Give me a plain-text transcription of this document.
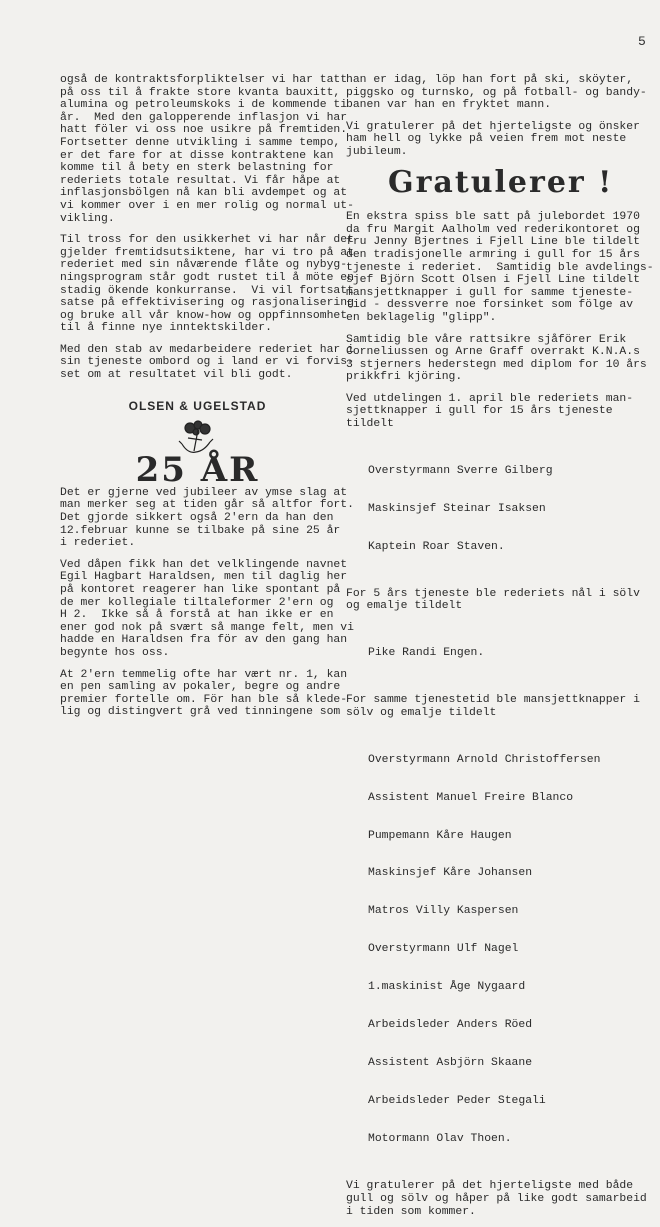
5

også de kontraktsforpliktelser vi har tatt
på oss til å frakte store kvanta bauxitt,
alumina og petroleumskoks i de kommende ti
år.  Med den galopperende inflasjon vi har
hatt föler vi oss noe usikre på fremtiden.
Fortsetter denne utvikling i samme tempo,
er det fare for at disse kontraktene kan
komme til å bety en sterk belastning for
rederiets totale resultat. Vi får håpe at
inflasjonsbölgen nå kan bli avdempet og at
vi kommer over i en mer rolig og normal ut-
vikling.

Til tross for den usikkerhet vi har når det
gjelder fremtidsutsiktene, har vi tro på at
rederiet med sin nåværende flåte og nybyg-
ningsprogram står godt rustet til å möte en
stadig ökende konkurranse.  Vi vil fortsatt
satse på effektivisering og rasjonalisering
og bruke all vår know-how og oppfinnsomhet
til å finne nye inntektskilder.

Med den stab av medarbeidere rederiet har i
sin tjeneste ombord og i land er vi forvis-
set om at resultatet vil bli godt.

OLSEN & UGELSTAD
25 ÅR

Det er gjerne ved jubileer av ymse slag at
man merker seg at tiden går så altfor fort.
Det gjorde sikkert også 2'ern da han den
12.februar kunne se tilbake på sine 25 år
i rederiet.

Ved dåpen fikk han det velklingende navnet
Egil Hagbart Haraldsen, men til daglig her
på kontoret reagerer han like spontant på
de mer kollegiale tiltaleformer 2'ern og
H 2.  Ikke så å forstå at han ikke er en
ener god nok på svært så mange felt, men vi
hadde en Haraldsen fra för av den gang han
begynte hos oss.

At 2'ern temmelig ofte har vært nr. 1, kan
en pen samling av pokaler, begre og andre
premier fortelle om. För han ble så klede-
lig og distingvert grå ved tinningene som

han er idag, löp han fort på ski, sköyter,
piggsko og turnsko, og på fotball- og bandy-
banen var han en fryktet mann.

Vi gratulerer på det hjerteligste og önsker
ham hell og lykke på veien frem mot neste
jubileum.

Gratulerer !

En ekstra spiss ble satt på julebordet 1970
da fru Margit Aalholm ved rederikontoret og
fru Jenny Bjertnes i Fjell Line ble tildelt
den tradisjonelle armring i gull for 15 års
tjeneste i rederiet.  Samtidig ble avdelings-
sjef Björn Scott Olsen i Fjell Line tildelt
mansjettknapper i gull for samme tjeneste-
tid - dessverre noe forsinket som fölge av
en beklagelig "glipp".

Samtidig ble våre rattsikre sjåförer Erik
Corneliussen og Arne Graff overrakt K.N.A.s
3 stjerners hederstegn med diplom for 10 års
prikkfri kjöring.

Ved utdelingen 1. april ble rederiets man-
sjettknapper i gull for 15 års tjeneste
tildelt

Overstyrmann Sverre Gilberg

Maskinsjef Steinar Isaksen

Kaptein Roar Staven.

For 5 års tjeneste ble rederiets nål i sölv
og emalje tildelt

Pike Randi Engen.

For samme tjenestetid ble mansjettknapper i
sölv og emalje tildelt

Overstyrmann Arnold Christoffersen

Assistent Manuel Freire Blanco

Pumpemann Kåre Haugen

Maskinsjef Kåre Johansen

Matros Villy Kaspersen

Overstyrmann Ulf Nagel

1.maskinist Åge Nygaard

Arbeidsleder Anders Röed

Assistent Asbjörn Skaane

Arbeidsleder Peder Stegali

Motormann Olav Thoen.

Vi gratulerer på det hjerteligste med både
gull og sölv og håper på like godt samarbeid
i tiden som kommer.
